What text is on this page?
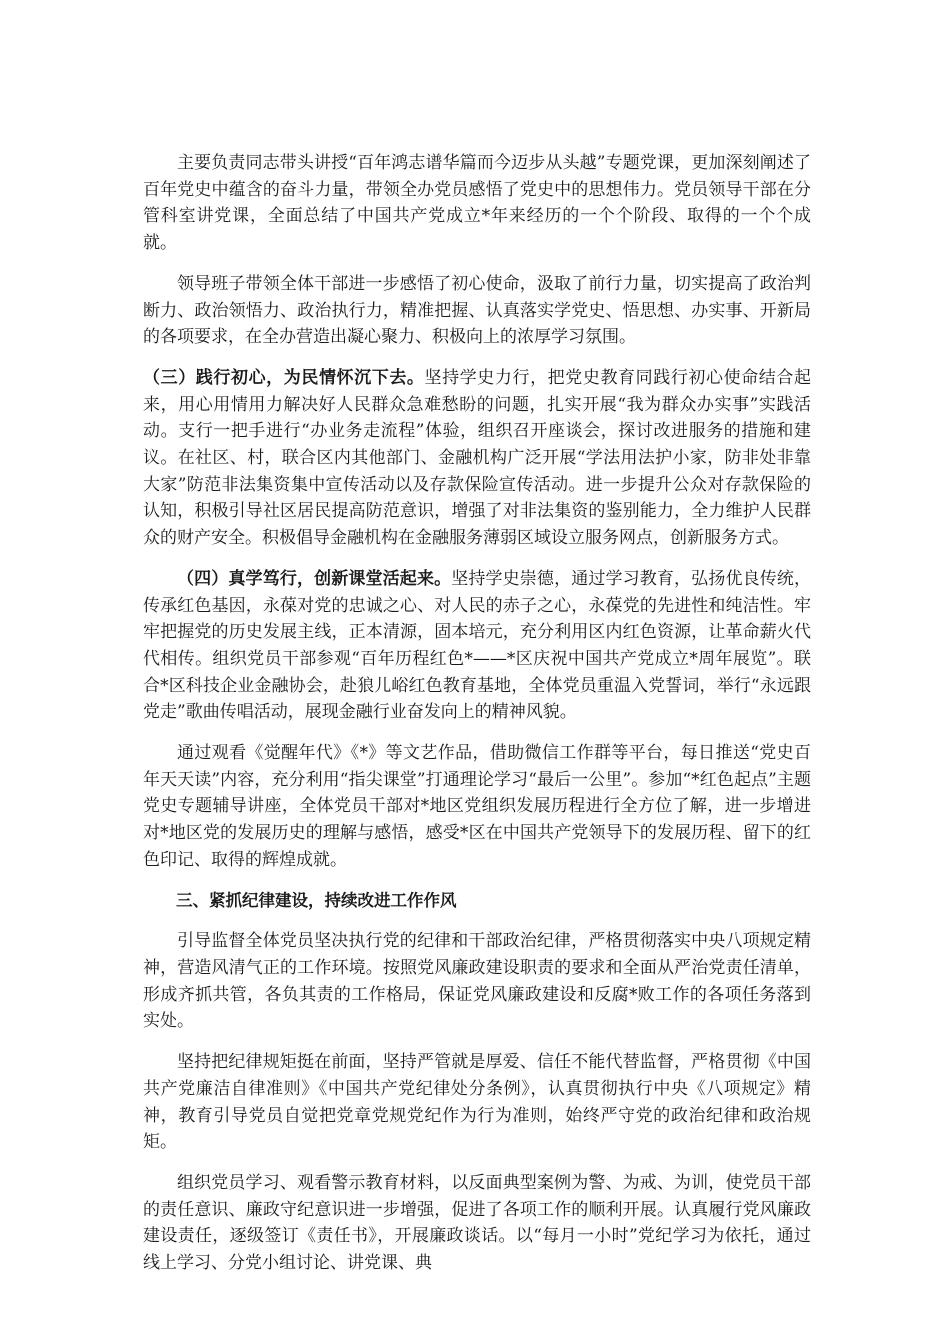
主要负责同志带头讲授“百年鸿志谱华篇而今迈步从头越”专题党课，更加深刻阐述了百年党史中蕴含的奋斗力量，带领全办党员感悟了党史中的思想伟力。党员领导干部在分管科室讲党课，全面总结了中国共产党成立*年来经历的一个个阶段、取得的一个个成就。

领导班子带领全体干部进一步感悟了初心使命，汲取了前行力量，切实提高了政治判断力、政治领悟力、政治执行力，精准把握、认真落实学党史、悟思想、办实事、开新局的各项要求，在全办营造出凝心聚力、积极向上的浓厚学习氛围。

（三）践行初心，为民情怀沉下去。坚持学史力行，把党史教育同践行初心使命结合起来，用心用情用力解决好人民群众急难愁盼的问题，扎实开展“我为群众办实事”实践活动。支行一把手进行“办业务走流程”体验，组织召开座谈会，探讨改进服务的措施和建议。在社区、村，联合区内其他部门、金融机构广泛开展“学法用法护小家，防非处非靠大家”防范非法集资集中宣传活动以及存款保险宣传活动。进一步提升公众对存款保险的认知，积极引导社区居民提高防范意识，增强了对非法集资的鉴别能力，全力维护人民群众的财产安全。积极倡导金融机构在金融服务薄弱区域设立服务网点，创新服务方式。

（四）真学笃行，创新课堂活起来。坚持学史崇德，通过学习教育，弘扬优良传统，传承红色基因，永葆对党的忠诚之心、对人民的赤子之心，永葆党的先进性和纯洁性。牢牢把握党的历史发展主线，正本清源，固本培元，充分利用区内红色资源，让革命薪火代代相传。组织党员干部参观“百年历程红色*——*区庆祝中国共产党成立*周年展览”。联合*区科技企业金融协会，赴狼儿峪红色教育基地，全体党员重温入党誓词，举行“永远跟党走”歌曲传唱活动，展现金融行业奋发向上的精神风貌。

通过观看《觉醒年代》《*》等文艺作品，借助微信工作群等平台，每日推送“党史百年天天读”内容，充分利用“指尖课堂”打通理论学习“最后一公里”。参加“*红色起点”主题党史专题辅导讲座，全体党员干部对*地区党组织发展历程进行全方位了解，进一步增进对*地区党的发展历史的理解与感悟，感受*区在中国共产党领导下的发展历程、留下的红色印记、取得的辉煌成就。

三、紧抓纪律建设，持续改进工作作风

引导监督全体党员坚决执行党的纪律和干部政治纪律，严格贯彻落实中央八项规定精神，营造风清气正的工作环境。按照党风廉政建设职责的要求和全面从严治党责任清单，形成齐抓共管，各负其责的工作格局，保证党风廉政建设和反腐*败工作的各项任务落到实处。

坚持把纪律规矩挺在前面，坚持严管就是厚爱、信任不能代替监督，严格贯彻《中国共产党廉洁自律准则》《中国共产党纪律处分条例》，认真贯彻执行中央《八项规定》精神，教育引导党员自觉把党章党规党纪作为行为准则，始终严守党的政治纪律和政治规矩。

组织党员学习、观看警示教育材料，以反面典型案例为警、为戒、为训，使党员干部的责任意识、廉政守纪意识进一步增强，促进了各项工作的顺利开展。认真履行党风廉政建设责任，逐级签订《责任书》，开展廉政谈话。以“每月一小时”党纪学习为依托，通过线上学习、分党小组讨论、讲党课、典
